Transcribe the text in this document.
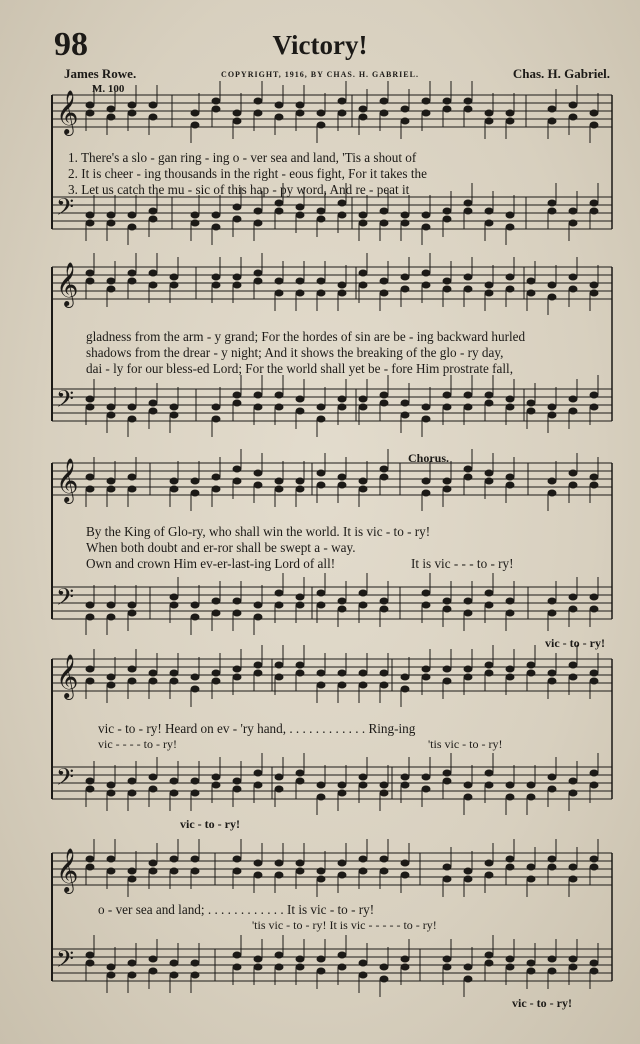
98	Victory!
James Rowe.	COPYRIGHT, 1916, BY CHAS. H. GABRIEL.	Chas. H. Gabriel.
M. 100
Chorus.
𝄞
𝄢
𝄞
𝄢
𝄞
𝄢
𝄞
𝄢
𝄞
𝄢
1. There's a slo - gan ring - ing o - ver sea and land, 'Tis a shout of
2. It is cheer - ing thousands in the right - eous fight, For it takes the
3. Let us catch the mu - sic of this hap - py word, And re - peat it
gladness from the arm - y grand; For the hordes of sin are be - ing backward hurled
shadows from the drear - y night; And it shows the breaking of the glo - ry day,
dai - ly for our bless-ed Lord; For the world shall yet be - fore Him prostrate fall,
By the King of Glo-ry, who shall win the world. It is vic - to - ry!
When both doubt and er-ror shall be swept a - way.
Own and crown Him ev-er-last-ing Lord of all!	It is vic - - - to - ry!
vic - to - ry!
vic - to - ry! Heard on ev - 'ry hand, . . . . . . . . . . . . Ring-ing
vic - - - - to - ry!	'tis vic - to - ry!
vic - to - ry!
o - ver sea and land; . . . . . . . . . . . . It is vic - to - ry!
'tis vic - to - ry! It is vic - - - - - to - ry!
vic - to - ry!
